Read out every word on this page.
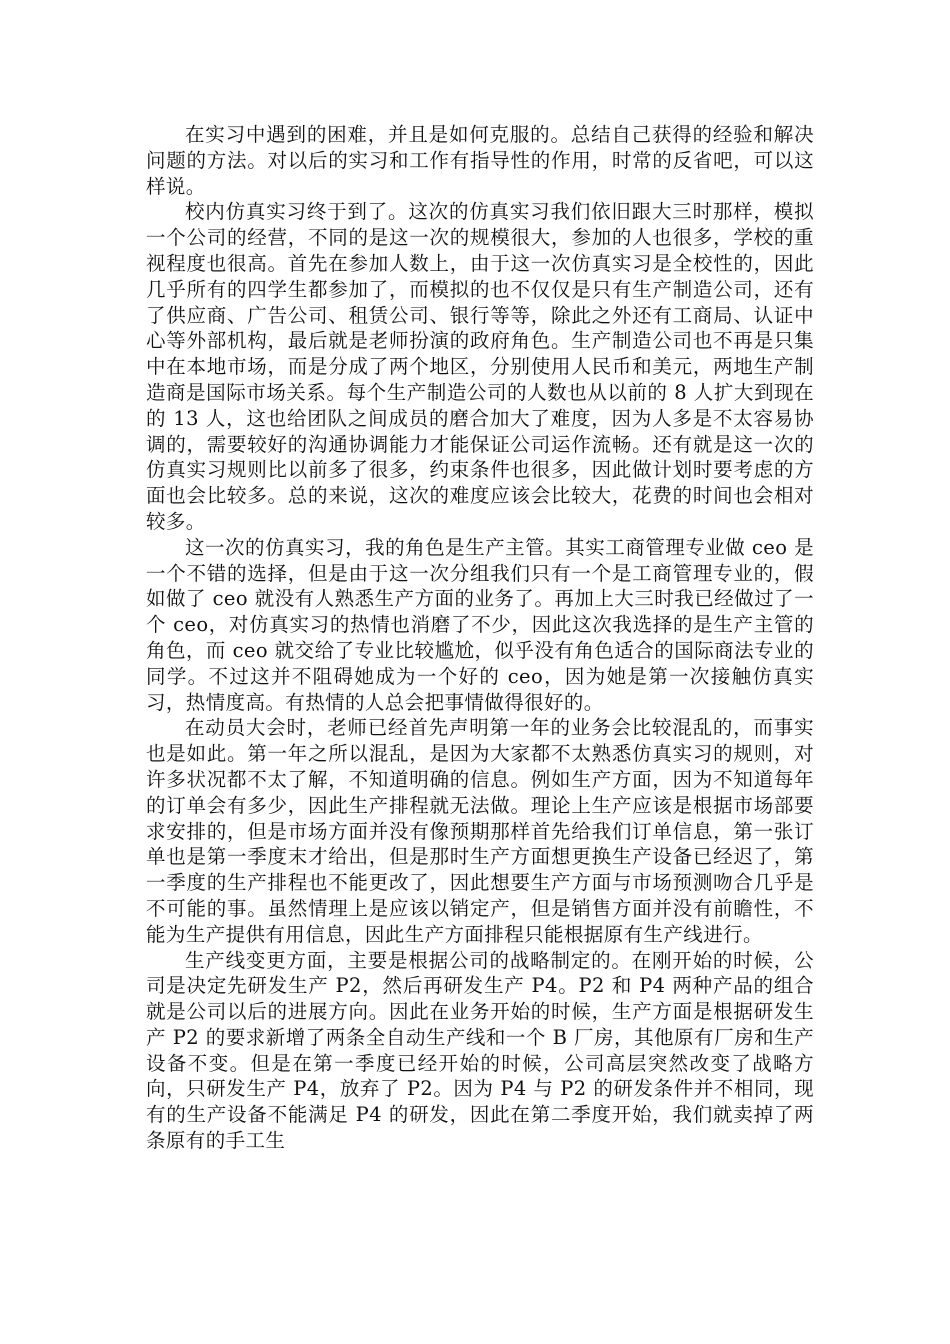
在实习中遇到的困难，并且是如何克服的。总结自己获得的经验和解决问题的方法。对以后的实习和工作有指导性的作用，时常的反省吧，可以这样说。

校内仿真实习终于到了。这次的仿真实习我们依旧跟大三时那样，模拟一个公司的经营，不同的是这一次的规模很大，参加的人也很多，学校的重视程度也很高。首先在参加人数上，由于这一次仿真实习是全校性的，因此几乎所有的四学生都参加了，而模拟的也不仅仅是只有生产制造公司，还有了供应商、广告公司、租赁公司、银行等等，除此之外还有工商局、认证中心等外部机构，最后就是老师扮演的政府角色。生产制造公司也不再是只集中在本地市场，而是分成了两个地区，分别使用人民币和美元，两地生产制造商是国际市场关系。每个生产制造公司的人数也从以前的 8 人扩大到现在的 13 人，这也给团队之间成员的磨合加大了难度，因为人多是不太容易协调的，需要较好的沟通协调能力才能保证公司运作流畅。还有就是这一次的仿真实习规则比以前多了很多，约束条件也很多，因此做计划时要考虑的方面也会比较多。总的来说，这次的难度应该会比较大，花费的时间也会相对较多。

这一次的仿真实习，我的角色是生产主管。其实工商管理专业做 ceo 是一个不错的选择，但是由于这一次分组我们只有一个是工商管理专业的，假如做了 ceo 就没有人熟悉生产方面的业务了。再加上大三时我已经做过了一个 ceo，对仿真实习的热情也消磨了不少，因此这次我选择的是生产主管的角色，而 ceo 就交给了专业比较尴尬，似乎没有角色适合的国际商法专业的同学。不过这并不阻碍她成为一个好的 ceo，因为她是第一次接触仿真实习，热情度高。有热情的人总会把事情做得很好的。

在动员大会时，老师已经首先声明第一年的业务会比较混乱的，而事实也是如此。第一年之所以混乱，是因为大家都不太熟悉仿真实习的规则，对许多状况都不太了解，不知道明确的信息。例如生产方面，因为不知道每年的订单会有多少，因此生产排程就无法做。理论上生产应该是根据市场部要求安排的，但是市场方面并没有像预期那样首先给我们订单信息，第一张订单也是第一季度末才给出，但是那时生产方面想更换生产设备已经迟了，第一季度的生产排程也不能更改了，因此想要生产方面与市场预测吻合几乎是不可能的事。虽然情理上是应该以销定产，但是销售方面并没有前瞻性，不能为生产提供有用信息，因此生产方面排程只能根据原有生产线进行。

生产线变更方面，主要是根据公司的战略制定的。在刚开始的时候，公司是决定先研发生产 P2，然后再研发生产 P4。P2 和 P4 两种产品的组合就是公司以后的进展方向。因此在业务开始的时候，生产方面是根据研发生产 P2 的要求新增了两条全自动生产线和一个 B 厂房，其他原有厂房和生产设备不变。但是在第一季度已经开始的时候，公司高层突然改变了战略方向，只研发生产 P4，放弃了 P2。因为 P4 与 P2 的研发条件并不相同，现有的生产设备不能满足 P4 的研发，因此在第二季度开始，我们就卖掉了两条原有的手工生
